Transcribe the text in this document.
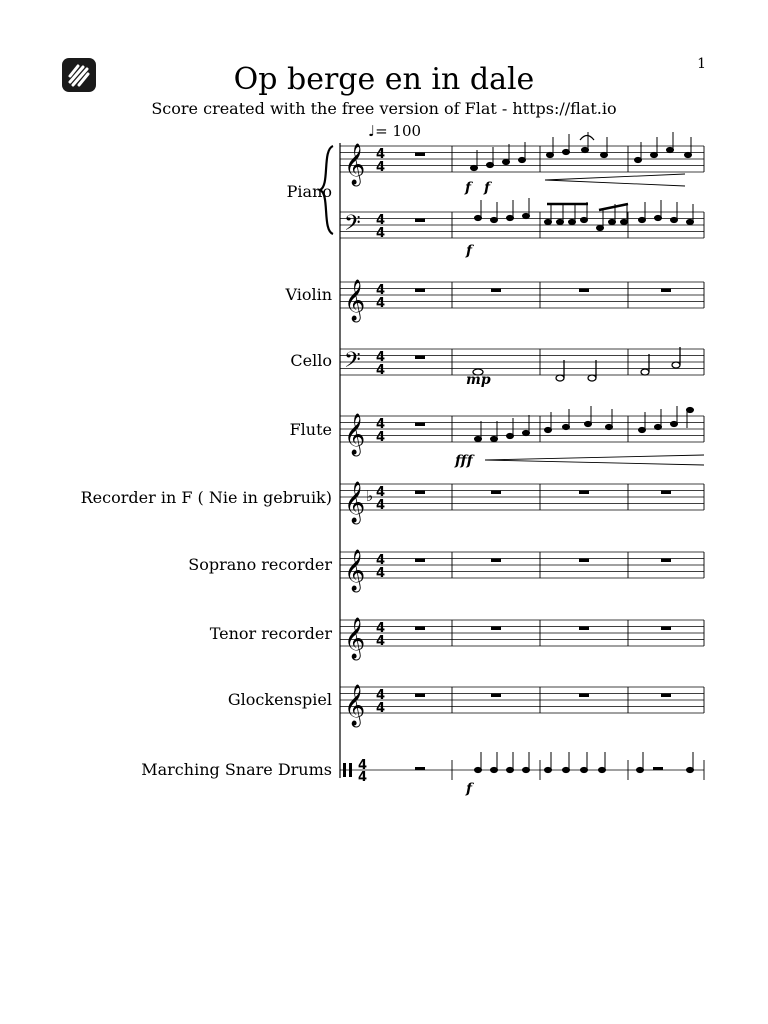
Op berge en in dale
Score created with the free version of Flat - https://flat.io
1
♩= 100
Piano
Violin
Cello
Flute
Recorder in F ( Nie in gebruik)
Soprano recorder
Tenor recorder
Glockenspiel
Marching Snare Drums
𝄞
𝄢
𝄞
𝄢
𝄞
𝄞
𝄞
𝄞
𝄞
4
4
4
4
4
4
4
4
4
4
4
4
4
4
4
4
4
4
4
4
♭
f f
f
mp
fff
f
